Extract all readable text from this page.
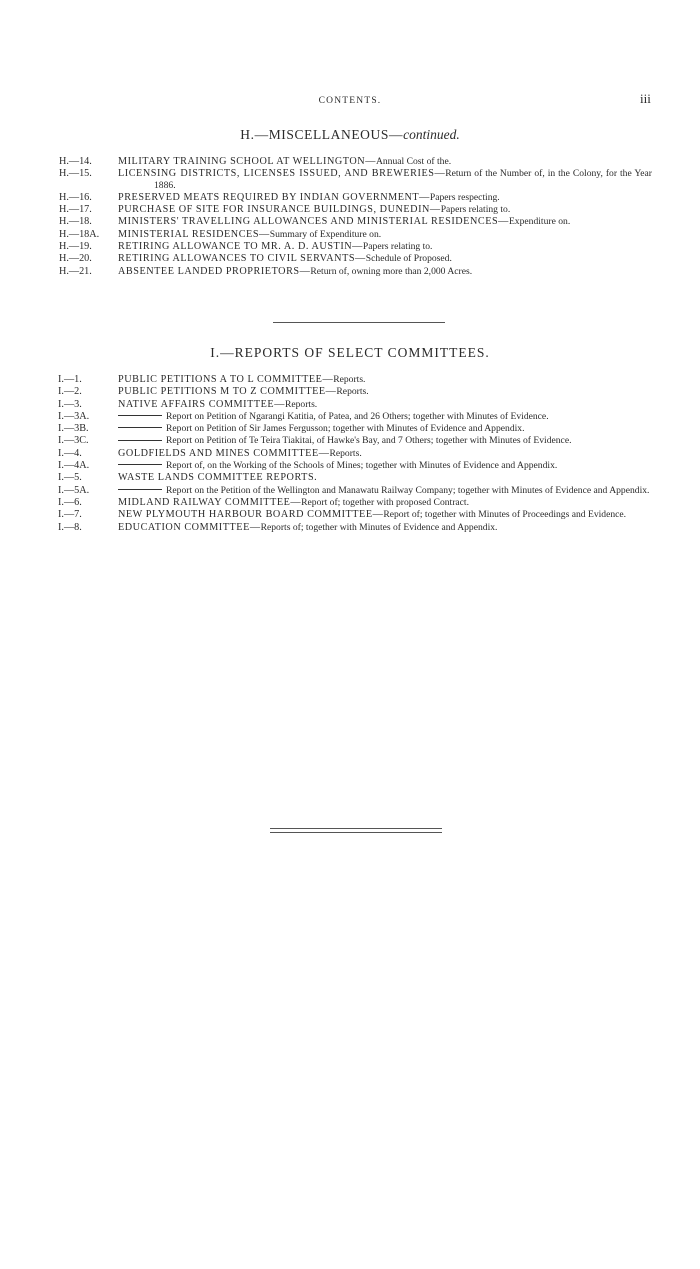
CONTENTS.	iii
H.—MISCELLANEOUS—continued.
H.—14.	MILITARY TRAINING SCHOOL AT WELLINGTON—Annual Cost of the.
H.—15.	LICENSING DISTRICTS, LICENSES ISSUED, AND BREWERIES—Return of the Number of, in the Colony, for the Year 1886.
H.—16.	PRESERVED MEATS REQUIRED BY INDIAN GOVERNMENT—Papers respecting.
H.—17.	PURCHASE OF SITE FOR INSURANCE BUILDINGS, DUNEDIN—Papers relating to.
H.—18.	MINISTERS' TRAVELLING ALLOWANCES AND MINISTERIAL RESIDENCES—Expenditure on.
H.—18A. MINISTERIAL RESIDENCES—Summary of Expenditure on.
H.—19.	RETIRING ALLOWANCE TO MR. A. D. AUSTIN—Papers relating to.
H.—20.	RETIRING ALLOWANCES TO CIVIL SERVANTS—Schedule of Proposed.
H.—21.	ABSENTEE LANDED PROPRIETORS—Return of, owning more than 2,000 Acres.
I.—REPORTS OF SELECT COMMITTEES.
I.—1.	PUBLIC PETITIONS A TO L COMMITTEE—Reports.
I.—2.	PUBLIC PETITIONS M TO Z COMMITTEE—Reports.
I.—3.	NATIVE AFFAIRS COMMITTEE—Reports.
I.—3A.	Report on Petition of Ngarangi Katitia, of Patea, and 26 Others; together with Minutes of Evidence.
I.—3B.	Report on Petition of Sir James Fergusson; together with Minutes of Evidence and Appendix.
I.—3C.	Report on Petition of Te Teira Tiakitai, of Hawke's Bay, and 7 Others; together with Minutes of Evidence.
I.—4.	GOLDFIELDS AND MINES COMMITTEE—Reports.
I.—4A.	Report of, on the Working of the Schools of Mines; together with Minutes of Evidence and Appendix.
I.—5.	WASTE LANDS COMMITTEE REPORTS.
I.—5A.	Report on the Petition of the Wellington and Manawatu Railway Company; together with Minutes of Evidence and Appendix.
I.—6.	MIDLAND RAILWAY COMMITTEE—Report of; together with proposed Contract.
I.—7.	NEW PLYMOUTH HARBOUR BOARD COMMITTEE—Report of; together with Minutes of Proceedings and Evidence.
I.—8.	EDUCATION COMMITTEE—Reports of; together with Minutes of Evidence and Appendix.
